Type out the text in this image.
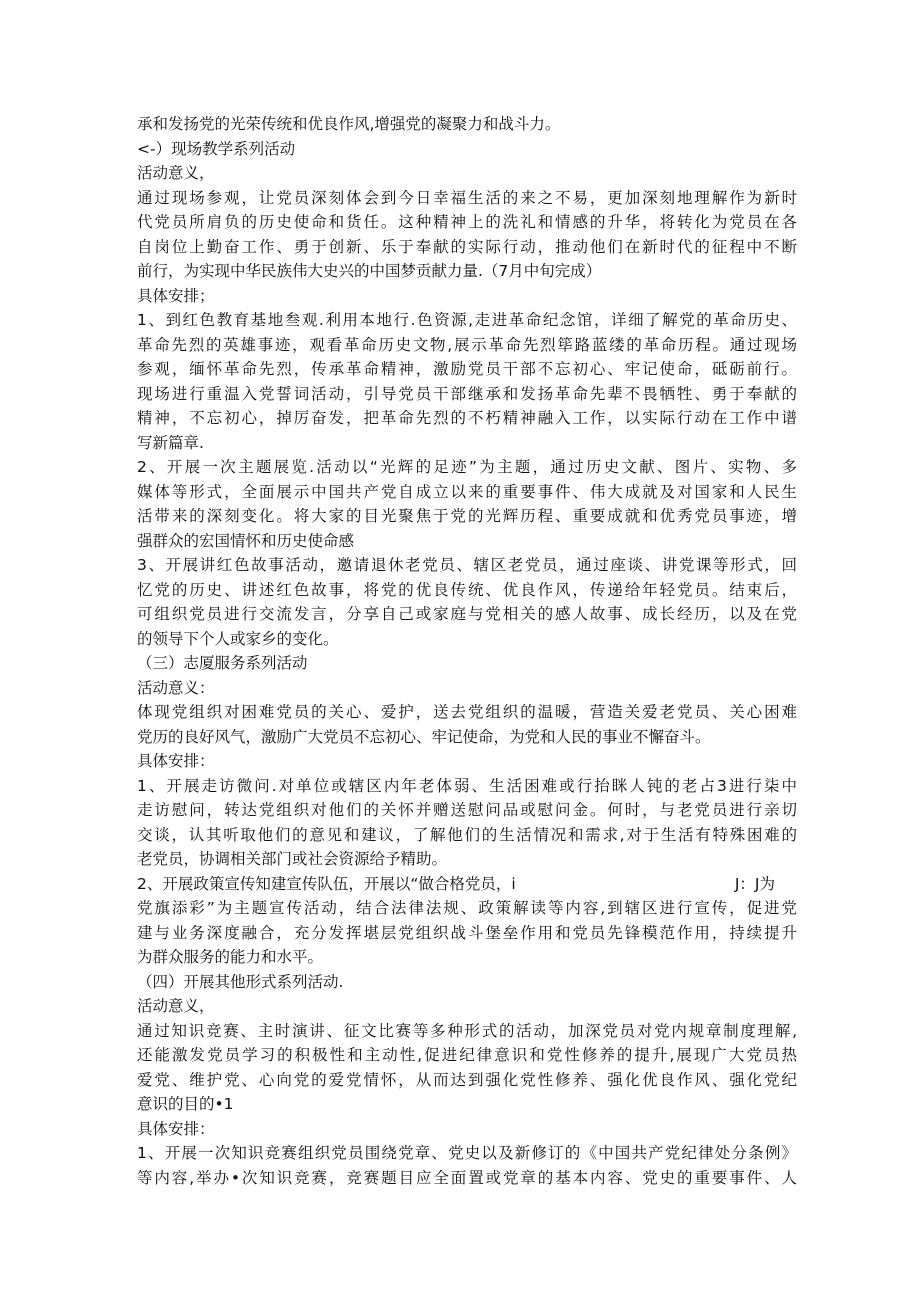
承和发扬党的光荣传统和优良作风,增强党的凝聚力和战斗力。
<-）现场教学系列活动
活动意义，
通过现场参观，让党员深刻体会到今日幸福生活的来之不易，更加深刻地理解作为新时
代党员所肩负的历史使命和货任。这种精神上的洗礼和情感的升华，将转化为党员在各
自岗位上勤奋工作、勇于创新、乐于奉献的实际行动，推动他们在新时代的征程中不断
前行，为实现中华民族伟大史兴的中国梦贡献力量.（7月中旬完成）
具体安排；
1、到红色教育基地叁观.利用本地行.色资源,走进革命纪念馆，详细了解党的革命历史、
革命先烈的英雄事迹，观看革命历史文物,展示革命先烈筚路蓝缕的革命历程。通过现场
参观，缅怀革命先烈，传承革命精神，激励党员干部不忘初心、牢记使命，砥砺前行。
现场进行重温入党誓词活动，引导党员干部继承和发扬革命先辈不畏牺牲、勇于奉献的
精神，不忘初心，掉厉奋发，把革命先烈的不朽精神融入工作，以实际行动在工作中谱
写新篇章.
2、开展一次主题展览.活动以“光辉的足迹”为主题，通过历史文献、图片、实物、多
媒体等形式，全面展示中国共产党自成立以来的重要事件、伟大成就及对国家和人民生
活带来的深刻变化。将大家的目光聚焦于党的光辉历程、重要成就和优秀党员事迹，增
强群众的宏国情怀和历史使命感
3、开展讲红色故事活动，邀请退休老党员、辖区老党员，通过座谈、讲党课等形式，回
忆党的历史、讲述红色故事，将党的优良传统、优良作风，传递给年轻党员。结束后，
可组织党员进行交流发言，分享自己或家庭与党相关的感人故事、成长经历，以及在党
的领导下个人或家乡的变化。
（三）志厦服务系列活动
活动意义：
体现党组织对困难党员的关心、爱护，送去党组织的温暖，营造关爱老党员、关心困难
党历的良好风气，激励广大党员不忘初心、牢记使命，为党和人民的事业不懈奋斗。
具体安排：
1、开展走访微问.对单位或辖区内年老体弱、生活困难或行抬眯人钝的老占3进行柒中
走访慰问，转达党组织对他们的关怀并赠送慰问品或慰问金。何时，与老党员进行亲切
交谈，认其听取他们的意见和建议，了解他们的生活情况和需求,对于生活有特殊困难的
老党员，协调相关部门或社会资源给予精助。
2、开展政策宣传知建宣传队伍，开展以“做合格党员，i	J：J为
党旗添彩”为主题宣传活动，结合法律法规、政策解读等内容,到辖区进行宣传，促进党
建与业务深度融合，充分发挥堪层党组织战斗堡垒作用和党员先锋模范作用，持续提升
为群众服务的能力和水平。
（四）开展其他形式系列活动.
活动意义，
通过知识竞赛、主时演讲、征文比赛等多种形式的活动，加深党员对党内规章制度理解,
还能激发党员学习的积极性和主动性,促进纪律意识和党性修养的提升,展现广大党员热
爱党、维护党、心向党的爱党情怀，从而达到强化党性修养、强化优良作风、强化党纪
意识的目的•1
具体安排：
1、开展一次知识竞赛组织党员围绕党章、党史以及新修订的《中国共产党纪律处分条例》
等内容,举办•次知识竞赛，竞赛题目应全面置或党章的基本内容、党史的重要事件、人
